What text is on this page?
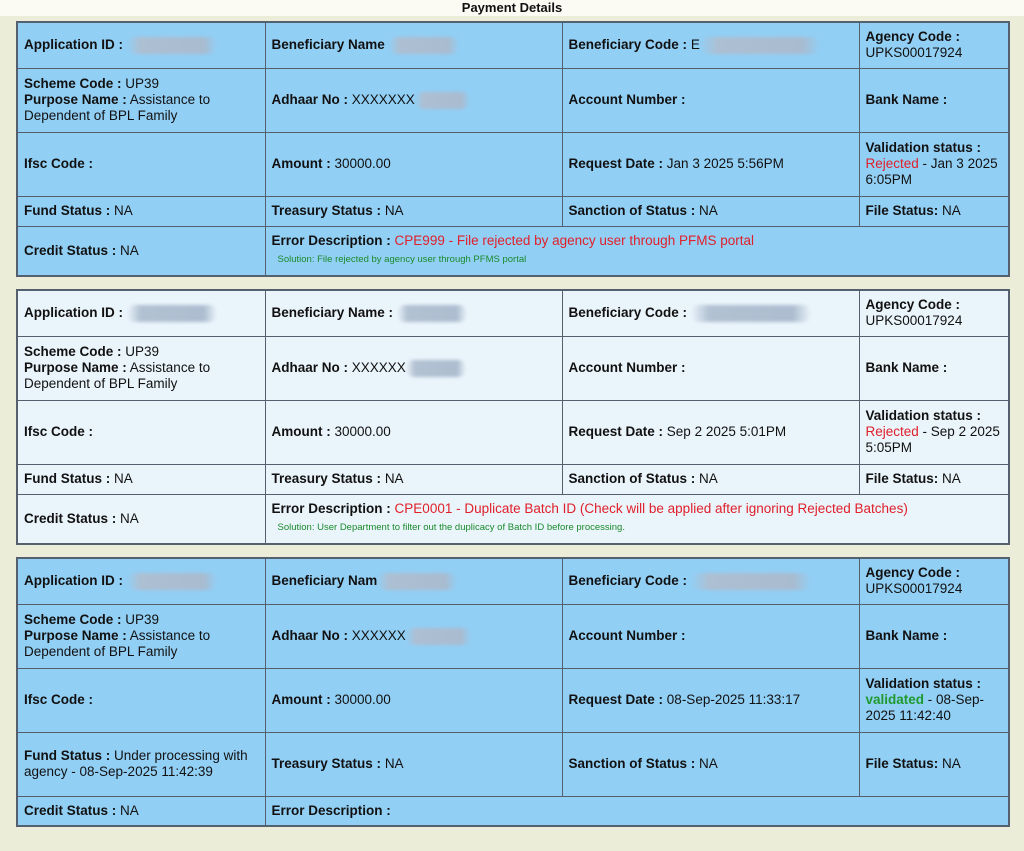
Payment Details
Application ID :	Beneficiary Name	Beneficiary Code : E	Agency Code :
UPKS00017924
Scheme Code : UP39
Purpose Name : Assistance to Dependent of BPL Family	Adhaar No : XXXXXXX	Account Number :	Bank Name :
Ifsc Code :	Amount : 30000.00	Request Date : Jan 3 2025 5:56PM	Validation status :
Rejected - Jan 3 2025 6:05PM
Fund Status : NA	Treasury Status : NA	Sanction of Status : NA	File Status: NA
Credit Status : NA	Error Description : CPE999 - File rejected by agency user through PFMS portal
Solution: File rejected by agency user through PFMS portal		
Application ID :	Beneficiary Name :	Beneficiary Code :	Agency Code :
UPKS00017924
Scheme Code : UP39
Purpose Name : Assistance to Dependent of BPL Family	Adhaar No : XXXXXX	Account Number :	Bank Name :
Ifsc Code :	Amount : 30000.00	Request Date : Sep 2 2025 5:01PM	Validation status :
Rejected - Sep 2 2025 5:05PM
Fund Status : NA	Treasury Status : NA	Sanction of Status : NA	File Status: NA
Credit Status : NA	Error Description : CPE0001 - Duplicate Batch ID (Check will be applied after ignoring Rejected Batches)
Solution: User Department to filter out the duplicacy of Batch ID before processing.		
Application ID :	Beneficiary Nam	Beneficiary Code :	Agency Code :
UPKS00017924
Scheme Code : UP39
Purpose Name : Assistance to Dependent of BPL Family	Adhaar No : XXXXXX	Account Number :	Bank Name :
Ifsc Code :	Amount : 30000.00	Request Date : 08-Sep-2025 11:33:17	Validation status :
validated - 08-Sep-2025 11:42:40
Fund Status : Under processing with agency - 08-Sep-2025 11:42:39	Treasury Status : NA	Sanction of Status : NA	File Status: NA
Credit Status : NA	Error Description :		
